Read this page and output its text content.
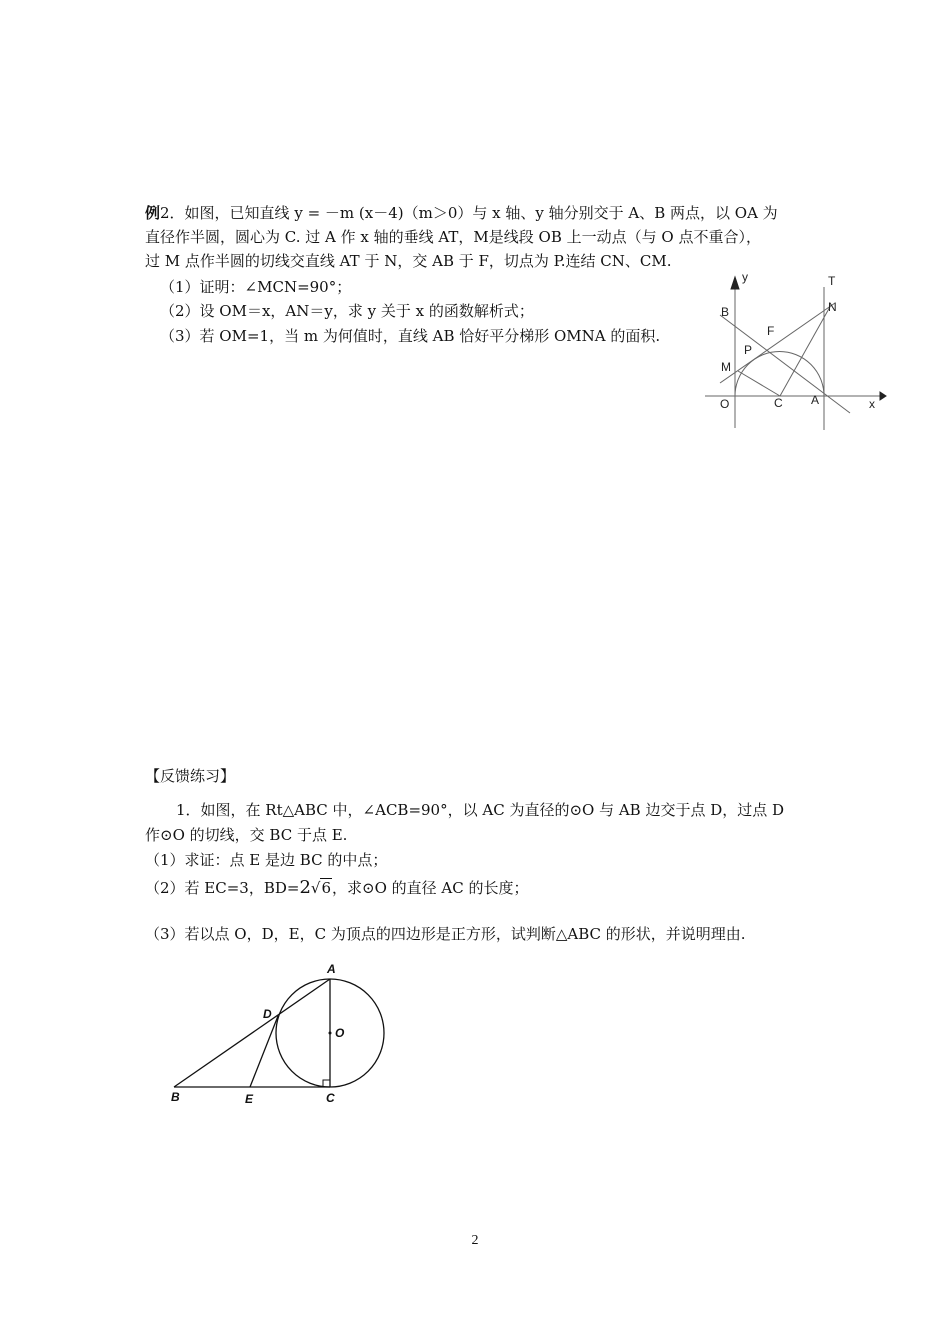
例2．如图，已知直线 y = －m (x－4)（m＞0）与 x 轴、y 轴分别交于 A、B 两点，以 OA 为
直径作半圆，圆心为 C. 过 A 作 x 轴的垂线 AT，M是线段 OB 上一动点（与 O 点不重合），
过 M 点作半圆的切线交直线 AT 于 N，交 AB 于 F，切点为 P.连结 CN、CM.
（1）证明：∠MCN=90°；
（2）设 OM＝x，AN＝y，求 y 关于 x 的函数解析式；
（3）若 OM=1，当 m 为何值时，直线 AB 恰好平分梯形 OMNA 的面积.
y	T
N
B
F
P
M
O	C A	x
【反馈练习】
1．如图，在 Rt△ABC 中，∠ACB=90°，以 AC 为直径的⊙O 与 AB 边交于点 D，过点 D
作⊙O 的切线，交 BC 于点 E.
（1）求证：点 E 是边 BC 的中点；
（2）若 EC=3，BD=2√6，求⊙O 的直径 AC 的长度；
（3）若以点 O，D，E，C 为顶点的四边形是正方形，试判断△ABC 的形状，并说明理由.
A
D
O
B	E	C
2
